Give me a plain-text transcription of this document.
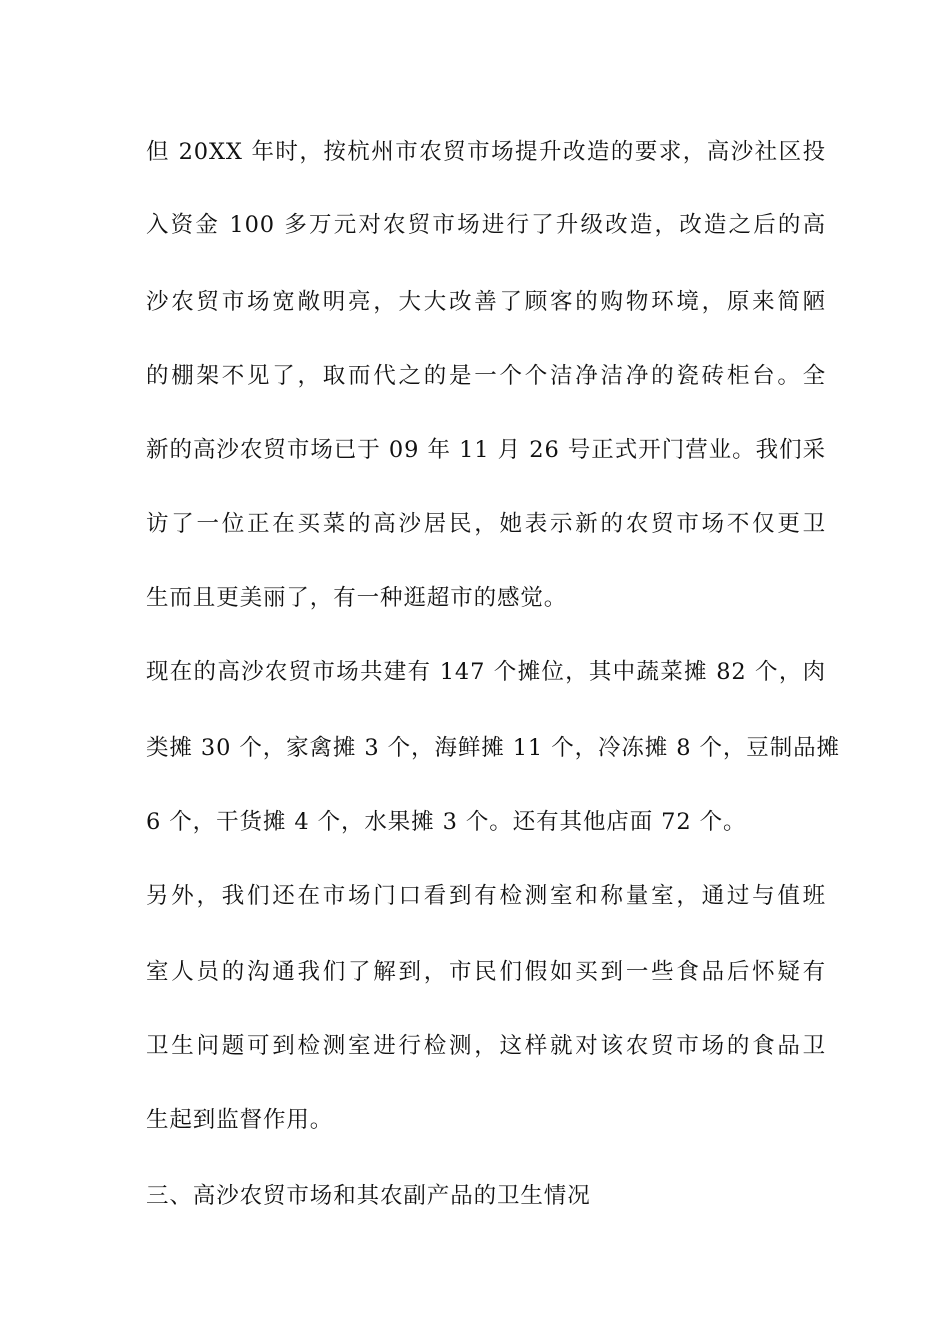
但 20XX 年时，按杭州市农贸市场提升改造的要求，高沙社区投
入资金 100 多万元对农贸市场进行了升级改造，改造之后的高
沙农贸市场宽敞明亮，大大改善了顾客的购物环境，原来简陋
的棚架不见了，取而代之的是一个个洁净洁净的瓷砖柜台。全
新的高沙农贸市场已于 09 年 11 月 26 号正式开门营业。我们采
访了一位正在买菜的高沙居民，她表示新的农贸市场不仅更卫
生而且更美丽了，有一种逛超市的感觉。
现在的高沙农贸市场共建有 147 个摊位，其中蔬菜摊 82 个，肉
类摊 30 个，家禽摊 3 个，海鲜摊 11 个，冷冻摊 8 个，豆制品摊
6 个，干货摊 4 个，水果摊 3 个。还有其他店面 72 个。
另外，我们还在市场门口看到有检测室和称量室，通过与值班
室人员的沟通我们了解到，市民们假如买到一些食品后怀疑有
卫生问题可到检测室进行检测，这样就对该农贸市场的食品卫
生起到监督作用。
三、高沙农贸市场和其农副产品的卫生情况
